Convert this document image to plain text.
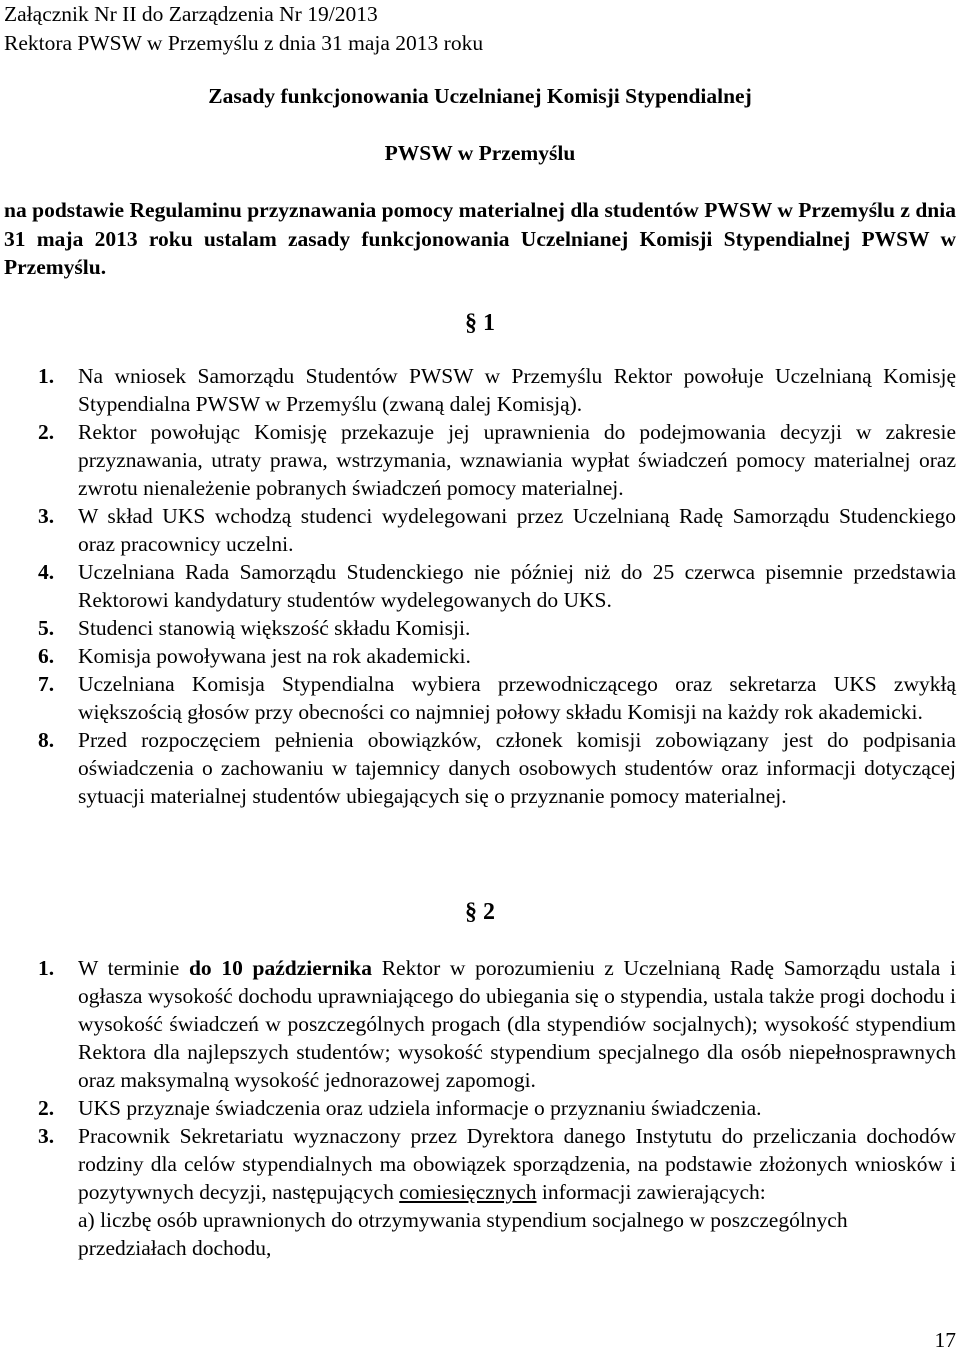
Załącznik Nr II do Zarządzenia Nr 19/2013
Rektora PWSW w Przemyślu z dnia 31 maja 2013 roku
Zasady funkcjonowania Uczelnianej Komisji Stypendialnej
PWSW w Przemyślu
na podstawie Regulaminu przyznawania pomocy materialnej dla studentów PWSW w Przemyślu z dnia 31 maja 2013 roku ustalam zasady funkcjonowania Uczelnianej Komisji Stypendialnej PWSW w Przemyślu.
§ 1
1. Na wniosek Samorządu Studentów PWSW w Przemyślu Rektor powołuje Uczelnianą Komisję Stypendialna PWSW w Przemyślu (zwaną dalej Komisją).
2. Rektor powołując Komisję przekazuje jej uprawnienia do podejmowania decyzji w zakresie przyznawania, utraty prawa, wstrzymania, wznawiania wypłat świadczeń pomocy materialnej oraz zwrotu nienależenie pobranych świadczeń pomocy materialnej.
3. W skład UKS wchodzą studenci wydelegowani przez Uczelnianą Radę Samorządu Studenckiego oraz pracownicy uczelni.
4. Uczelniana Rada Samorządu Studenckiego nie później niż do 25 czerwca pisemnie przedstawia Rektorowi kandydatury studentów wydelegowanych do UKS.
5. Studenci stanowią większość składu Komisji.
6. Komisja powoływana jest na rok akademicki.
7. Uczelniana Komisja Stypendialna wybiera przewodniczącego oraz sekretarza UKS zwykłą większością głosów przy obecności co najmniej połowy składu Komisji na każdy rok akademicki.
8. Przed rozpoczęciem pełnienia obowiązków, członek komisji zobowiązany jest do podpisania oświadczenia o zachowaniu w tajemnicy danych osobowych studentów oraz informacji dotyczącej sytuacji materialnej studentów ubiegających się o przyznanie pomocy materialnej.
§ 2
1. W terminie do 10 października Rektor w porozumieniu z Uczelnianą Radę Samorządu ustala i ogłasza wysokość dochodu uprawniającego do ubiegania się o stypendia, ustala także progi dochodu i wysokość świadczeń w poszczególnych progach (dla stypendiów socjalnych); wysokość stypendium Rektora dla najlepszych studentów; wysokość stypendium specjalnego dla osób niepełnosprawnych oraz maksymalną wysokość jednorazowej zapomogi.
2. UKS przyznaje świadczenia oraz udziela informacje o przyznaniu świadczenia.
3. Pracownik Sekretariatu wyznaczony przez Dyrektora danego Instytutu do przeliczania dochodów rodziny dla celów stypendialnych ma obowiązek sporządzenia, na podstawie złożonych wniosków i pozytywnych decyzji, następujących comiesięcznych informacji zawierających:
a) liczbę osób uprawnionych do otrzymywania stypendium socjalnego w poszczególnych przedziałach dochodu,
17
